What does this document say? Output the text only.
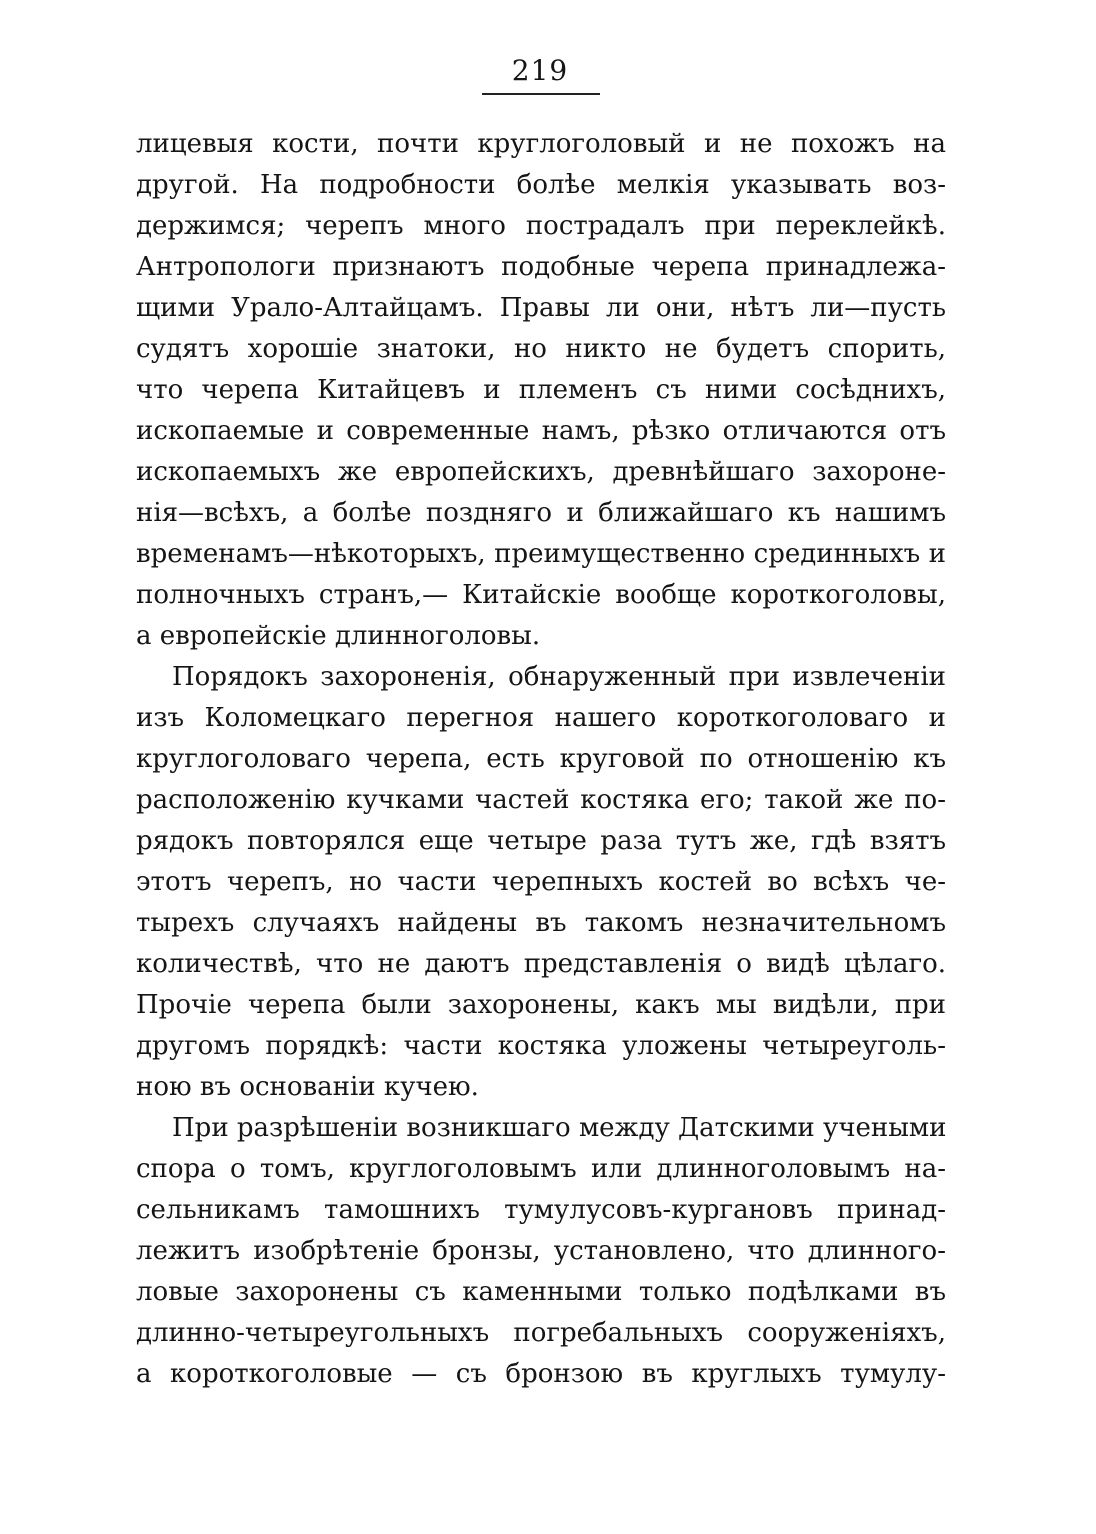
219
лицевыя кости, почти круглоголовый и не похожъ на
другой. На подробности болѣе мелкія указывать воз-
держимся; черепъ много пострадалъ при переклейкѣ.
Антропологи признаютъ подобные черепа принадлежа-
щими Урало-Алтайцамъ. Правы ли они, нѣтъ ли—пусть
судятъ хорошіе знатоки, но никто не будетъ спорить,
что черепа Китайцевъ и племенъ съ ними сосѣднихъ,
ископаемые и современные намъ, рѣзко отличаются отъ
ископаемыхъ же европейскихъ, древнѣйшаго захороне-
нія—всѣхъ, а болѣе поздняго и ближайшаго къ нашимъ
временамъ—нѣкоторыхъ, преимущественно срединныхъ и
полночныхъ странъ,— Китайскіе вообще короткоголовы,
а европейскіе длинноголовы.
Порядокъ захороненія, обнаруженный при извлеченіи
изъ Коломецкаго перегноя нашего короткоголоваго и
круглоголоваго черепа, есть круговой по отношенію къ
расположенію кучками частей костяка его; такой же по-
рядокъ повторялся еще четыре раза тутъ же, гдѣ взятъ
этотъ черепъ, но части черепныхъ костей во всѣхъ че-
тырехъ случаяхъ найдены въ такомъ незначительномъ
количествѣ, что не даютъ представленія о видѣ цѣлаго.
Прочіе черепа были захоронены, какъ мы видѣли, при
другомъ порядкѣ: части костяка уложены четыреуголь-
ною въ основаніи кучею.
При разрѣшеніи возникшаго между Датскими учеными
спора о томъ, круглоголовымъ или длинноголовымъ на-
сельникамъ тамошнихъ тумулусовъ-кургановъ принад-
лежитъ изобрѣтеніе бронзы, установлено, что длинного-
ловые захоронены съ каменными только подѣлками въ
длинно-четыреугольныхъ погребальныхъ сооруженіяхъ,
а короткоголовые — съ бронзою въ круглыхъ тумулу-
